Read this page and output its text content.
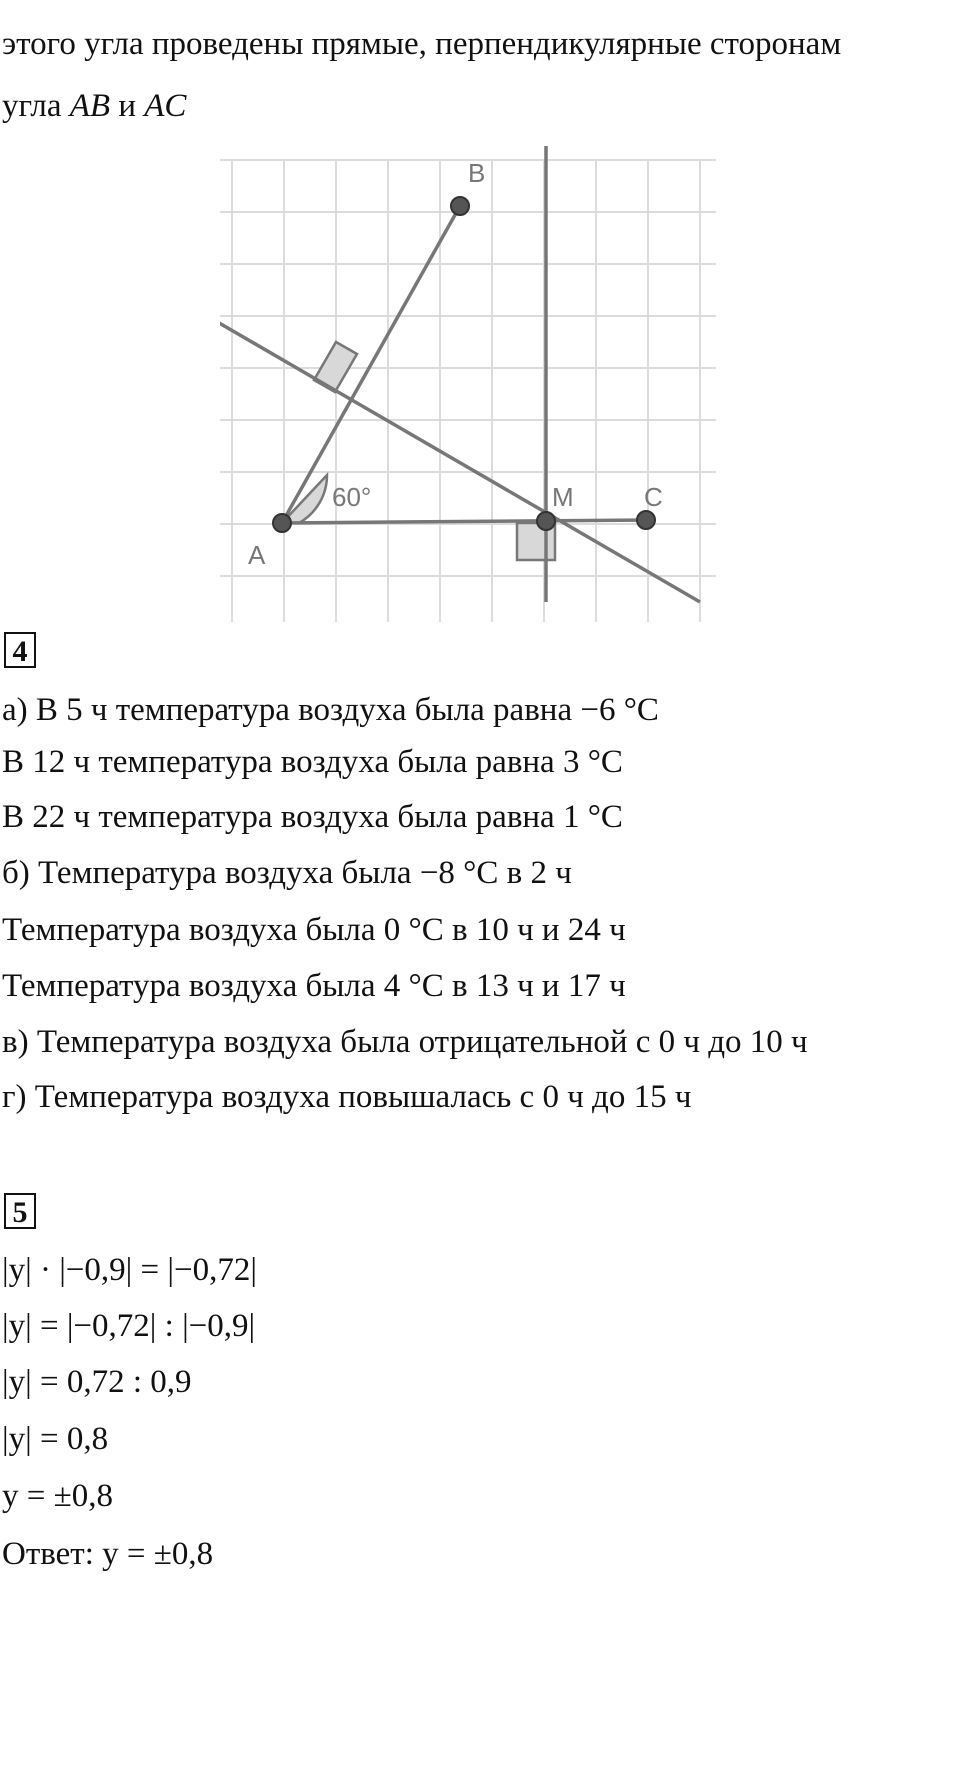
этого угла проведены прямые, перпендикулярные сторонам
угла AB и AC
B
A
M	C
60°
4
а) В 5 ч температура воздуха была равна −6 °С
В 12 ч температура воздуха была равна 3 °С
В 22 ч температура воздуха была равна 1 °С
б) Температура воздуха была −8 °С в 2 ч
Температура воздуха была 0 °С в 10 ч и 24 ч
Температура воздуха была 4 °С в 13 ч и 17 ч
в) Температура воздуха была отрицательной с 0 ч до 10 ч
г) Температура воздуха повышалась с 0 ч до 15 ч
5
|y| · |−0,9| = |−0,72|
|y| = |−0,72| : |−0,9|
|y| = 0,72 : 0,9
|y| = 0,8
y = ±0,8
Ответ: y = ±0,8
